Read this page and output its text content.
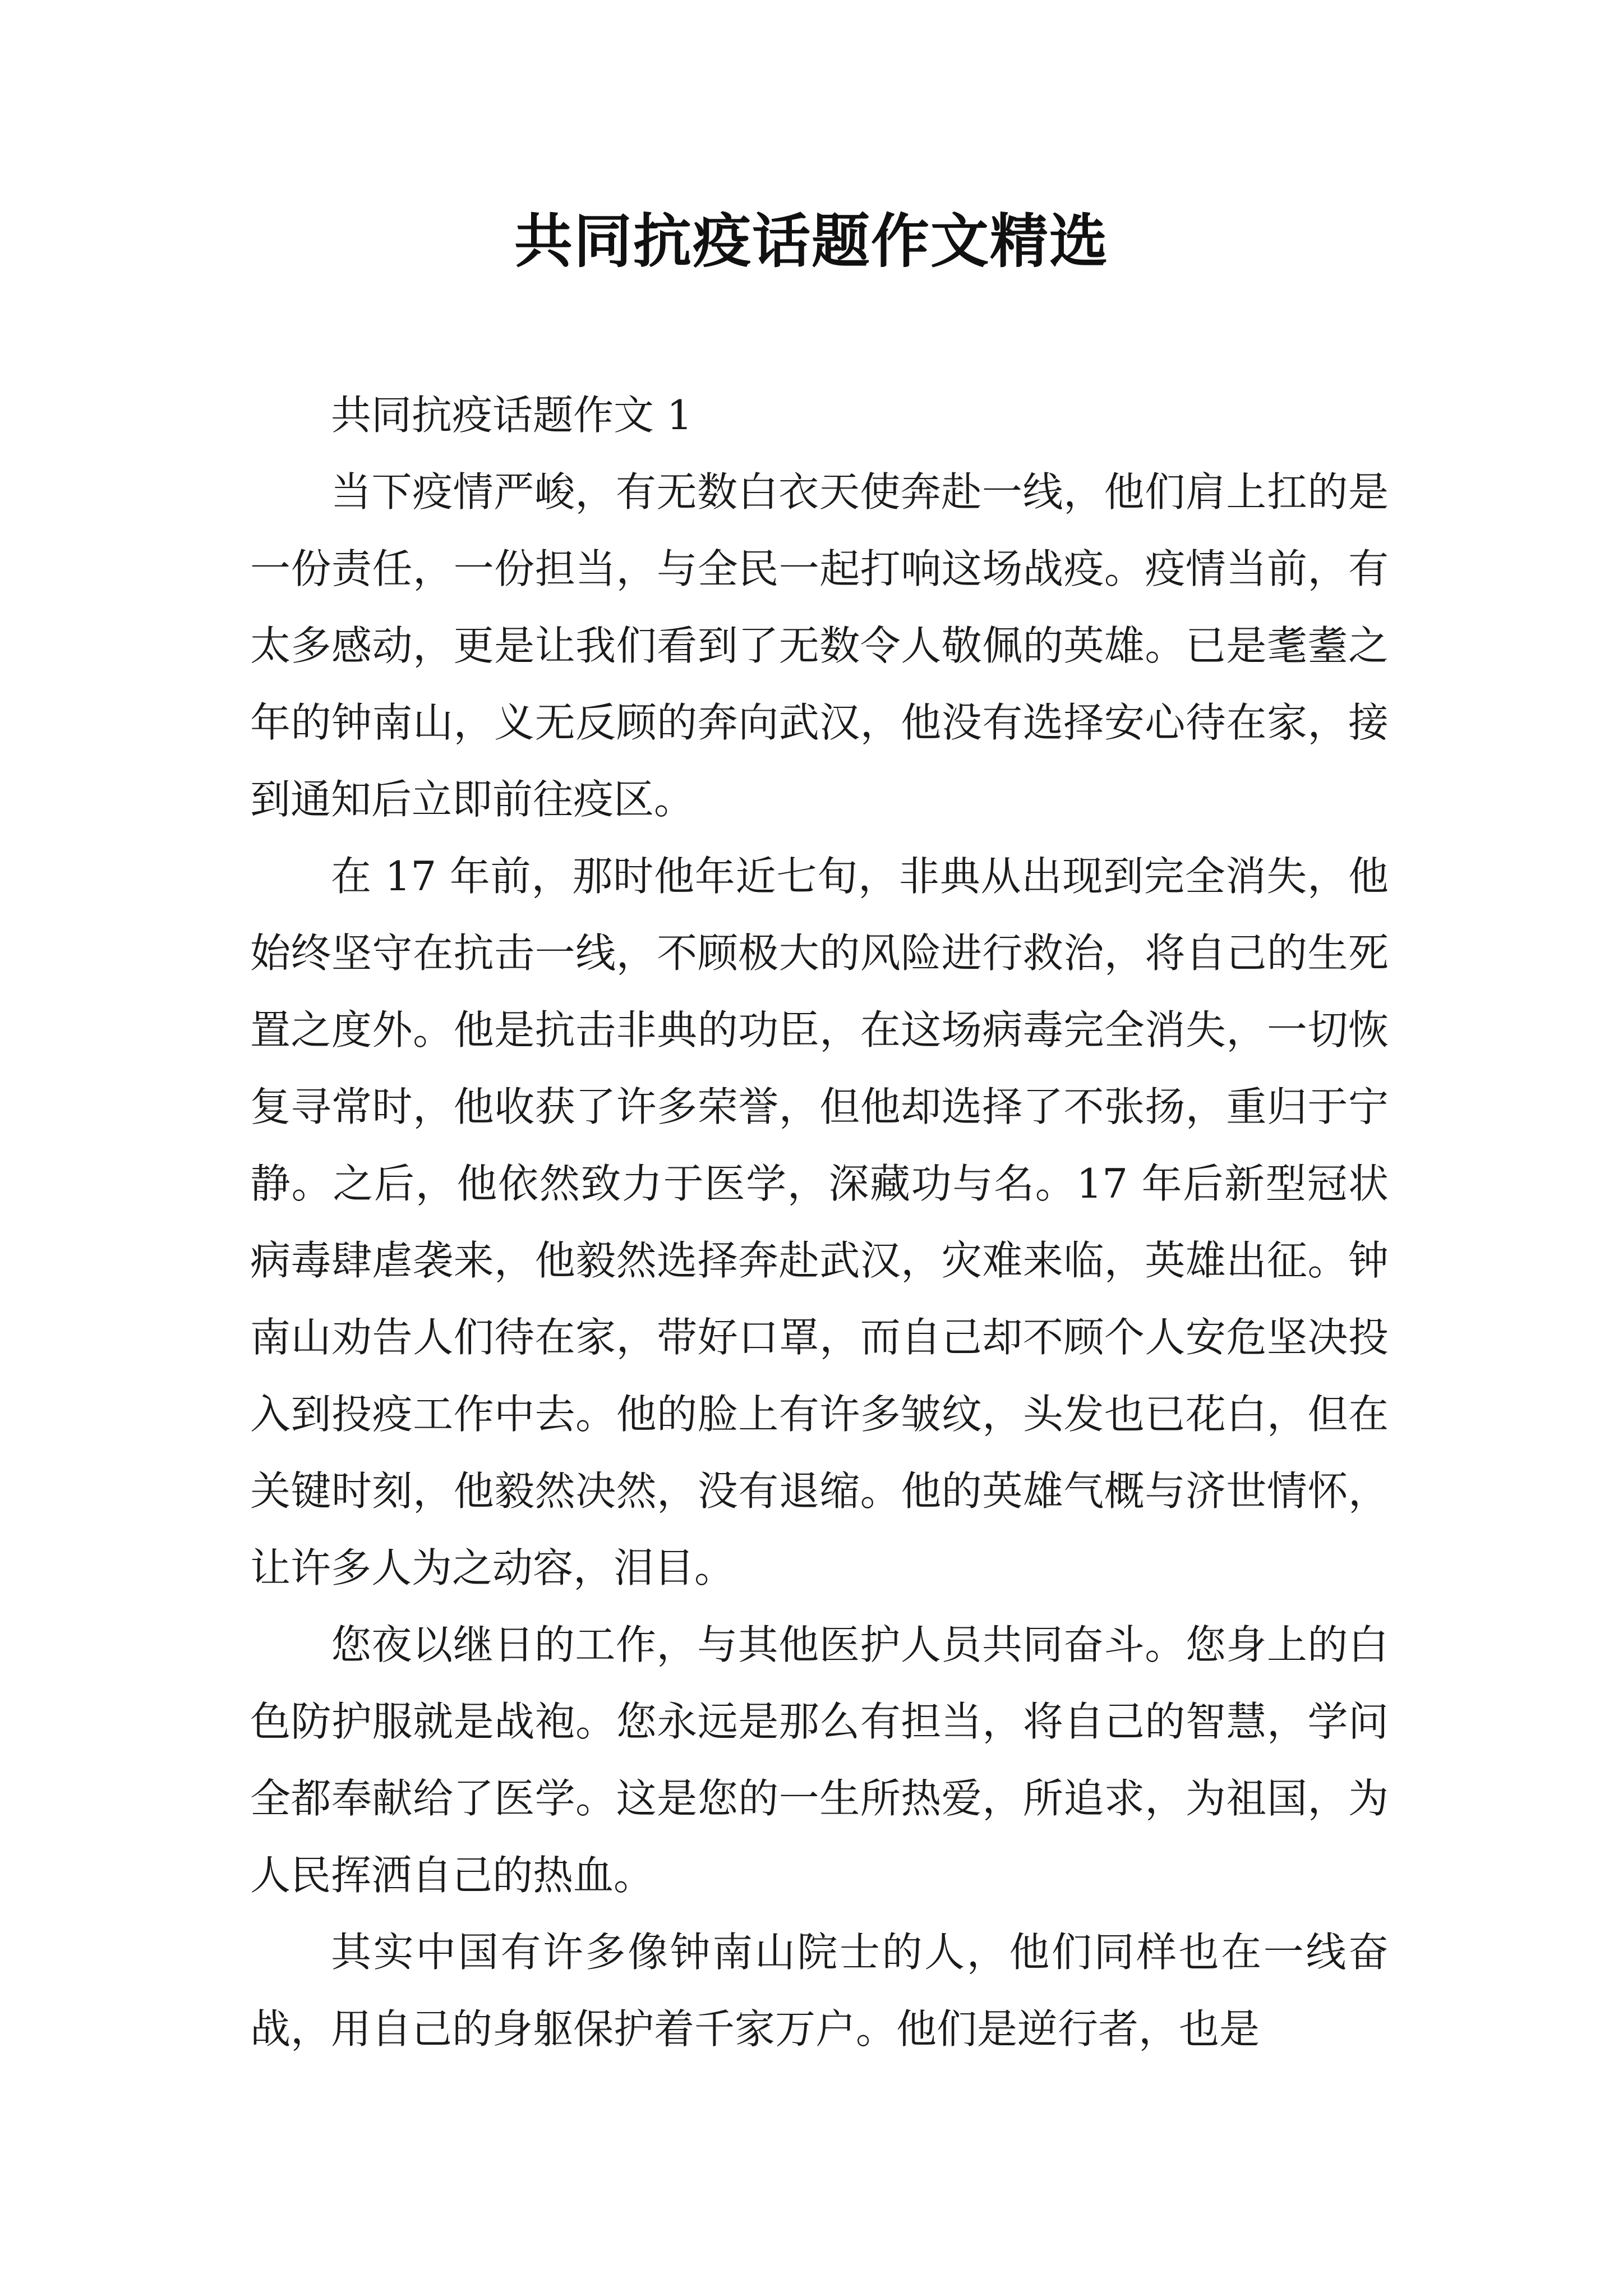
共同抗疫话题作文精选

共同抗疫话题作文 1

当下疫情严峻，有无数白衣天使奔赴一线，他们肩上扛的是一份责任，一份担当，与全民一起打响这场战疫。疫情当前，有太多感动，更是让我们看到了无数令人敬佩的英雄。已是耄耋之年的钟南山，义无反顾的奔向武汉，他没有选择安心待在家，接到通知后立即前往疫区。

在 17 年前，那时他年近七旬，非典从出现到完全消失，他始终坚守在抗击一线，不顾极大的风险进行救治，将自己的生死置之度外。他是抗击非典的功臣，在这场病毒完全消失，一切恢复寻常时，他收获了许多荣誉，但他却选择了不张扬，重归于宁静。之后，他依然致力于医学，深藏功与名。17 年后新型冠状病毒肆虐袭来，他毅然选择奔赴武汉，灾难来临，英雄出征。钟南山劝告人们待在家，带好口罩，而自己却不顾个人安危坚决投入到投疫工作中去。他的脸上有许多皱纹，头发也已花白，但在关键时刻，他毅然决然，没有退缩。他的英雄气概与济世情怀，让许多人为之动容，泪目。

您夜以继日的工作，与其他医护人员共同奋斗。您身上的白色防护服就是战袍。您永远是那么有担当，将自己的智慧，学问全都奉献给了医学。这是您的一生所热爱，所追求，为祖国，为人民挥洒自己的热血。

其实中国有许多像钟南山院士的人，他们同样也在一线奋战，用自己的身躯保护着千家万户。他们是逆行者，也是
